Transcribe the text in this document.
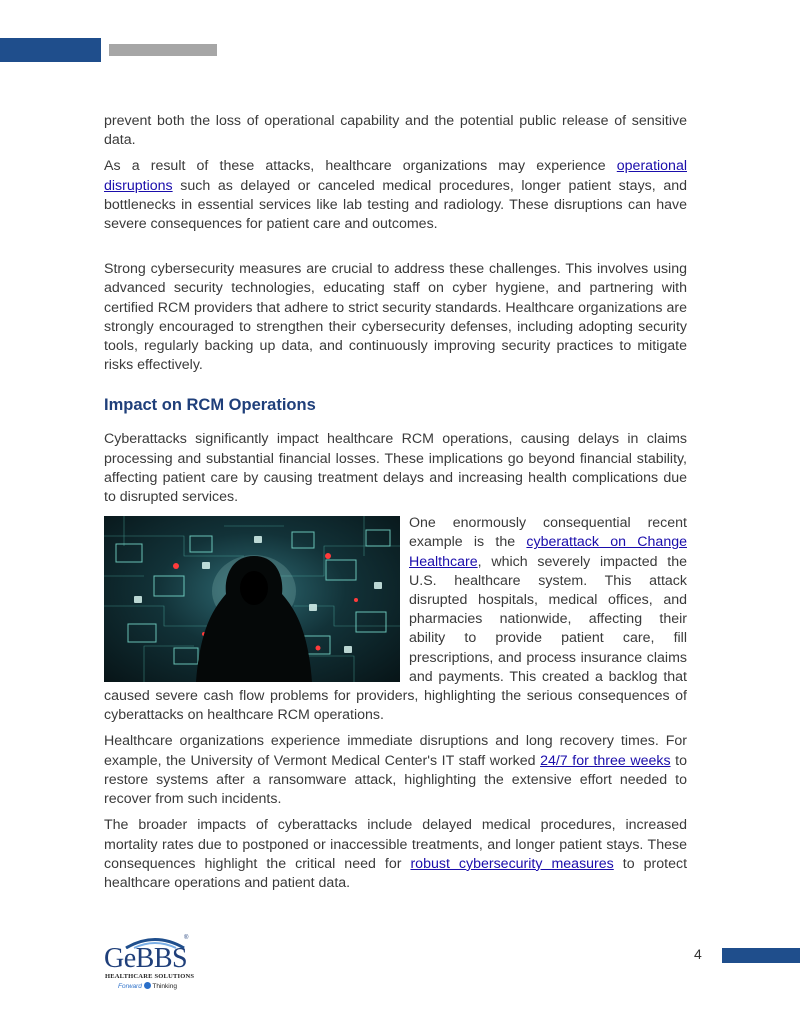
prevent both the loss of operational capability and the potential public release of sensitive data.

As a result of these attacks, healthcare organizations may experience operational disruptions such as delayed or canceled medical procedures, longer patient stays, and bottlenecks in essential services like lab testing and radiology. These disruptions can have severe consequences for patient care and outcomes.

Strong cybersecurity measures are crucial to address these challenges. This involves using advanced security technologies, educating staff on cyber hygiene, and partnering with certified RCM providers that adhere to strict security standards. Healthcare organizations are strongly encouraged to strengthen their cybersecurity defenses, including adopting security tools, regularly backing up data, and continuously improving security practices to mitigate risks effectively.

Impact on RCM Operations

Cyberattacks significantly impact healthcare RCM operations, causing delays in claims processing and substantial financial losses. These implications go beyond financial stability, affecting patient care by causing treatment delays and increasing health complications due to disrupted services.

One enormously consequential recent example is the cyberattack on Change Healthcare, which severely impacted the U.S. healthcare system. This attack disrupted hospitals, medical offices, and pharmacies nationwide, affecting their ability to provide patient care, fill prescriptions, and process insurance claims and payments. This created a backlog that caused severe cash flow problems for providers, highlighting the serious consequences of cyberattacks on healthcare RCM operations.

Healthcare organizations experience immediate disruptions and long recovery times. For example, the University of Vermont Medical Center's IT staff worked 24/7 for three weeks to restore systems after a ransomware attack, highlighting the extensive effort needed to recover from such incidents.

The broader impacts of cyberattacks include delayed medical procedures, increased mortality rates due to postponed or inaccessible treatments, and longer patient stays. These consequences highlight the critical need for robust cybersecurity measures to protect healthcare operations and patient data.

®
GeBBS
HEALTHCARE SOLUTIONS
Forward Thinking
4
